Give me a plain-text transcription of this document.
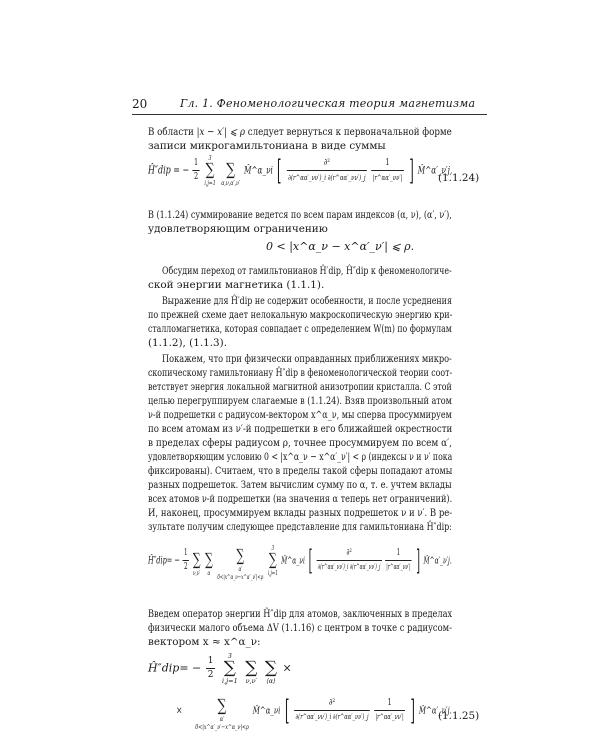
20	Гл. 1. Феноменологическая теория магнетизма
В области |x − x′| ⩽ ρ следует вернуться к первоначальной форме
записи микрогамильтониана в виде суммы
Ĥ″dip = − $\frac{1}{2}$
	3
∑
i,j=1

∑
α,ν,α′,ν′
M̂^α_νi [ $\frac{\text{∂²}}{\partial(r\^{}\alpha\alpha'\_\nu\nu')\_i \partial(r\^{}\alpha\alpha'\_\nu\nu')\_j}$
$\frac{1}{|r\^{}\alpha\alpha'\_\nu\nu'|}$ ] M̂^α′_ν′j,
(1.1.24)
В (1.1.24) суммирование ведется по всем парам индексов (α, ν), (α′, ν′),
удовлетворяющим ограничению
0 < |x^α_ν − x^α′_ν′| ⩽ ρ.
Обсудим переход от гамильтонианов Ĥ′dip, Ĥ″dip к феноменологиче-
ской энергии магнетика (1.1.1).
Выражение для Ĥ′dip не содержит особенности, и после усреднения
по прежней схеме дает нелокальную макроскопическую энергию кри-
сталломагнетика, которая совпадает с определением W(m) по формулам
(1.1.2), (1.1.3).
Покажем, что при физически оправданных приближениях микро-
скопическому гамильтониану Ĥ″dip в феноменологической теории соот-
ветствует энергия локальной магнитной анизотропии кристалла. С этой
целью перегруппируем слагаемые в (1.1.24). Взяв произвольный атом
ν-й подрешетки с радиусом-вектором x^α_ν, мы сперва просуммируем
по всем атомам из ν′-й подрешетки в его ближайшей окрестности
в пределах сферы радиусом ρ, точнее просуммируем по всем α′,
удовлетворяющим условию 0 < |x^α_ν − x^α′_ν′| < ρ (индексы ν и ν′ пока
фиксированы). Считаем, что в пределы такой сферы попадают атомы
разных подрешеток. Затем вычислим сумму по α, т. е. учтем вклады
всех атомов ν-й подрешетки (на значения α теперь нет ограничений).
И, наконец, просуммируем вклады разных подрешеток ν и ν′. В ре-
зультате получим следующее представление для гамильтониана Ĥ″dip:
Ĥ″dip= − $\frac{1}{2}$

∑
ν,ν′

∑
α

∑
α′
0<|x^α_ν−x^α′_ν′|<ρ

3
∑
i,j=1
M̂^α_νi [ $\frac{\text{∂²}}{\partial(r\^{}\alpha\alpha'\_\nu\nu')\_i \partial(r\^{}\alpha\alpha'\_\nu\nu')\_j}$
$\frac{1}{|r\^{}\alpha\alpha'\_\nu\nu'|}$ ] M̂^α′_ν′j.
Введем оператор энергии Ĥ″dip для атомов, заключенных в пределах
физически малого объема ΔV (1.1.16) с центром в точке с радиусом-
вектором x ≈ x^α_ν:
Ĥ″dip= − $\frac{1}{2}$
	3
∑
i,j=1

∑
ν,ν′

∑
⟨α⟩
×
×
	∑
α′
0<|x^α′_ν′−x^α_ν|<ρ
M̂^α_νi [ $\frac{\text{∂²}}{\partial(r\^{}\alpha\alpha'\_\nu\nu')\_i \partial(r\^{}\alpha\alpha'\_\nu\nu')\_j}$
$\frac{1}{|r\^{}\alpha\alpha'\_\nu\nu'|}$ ] M̂^α′_ν′j.
(1.1.25)
